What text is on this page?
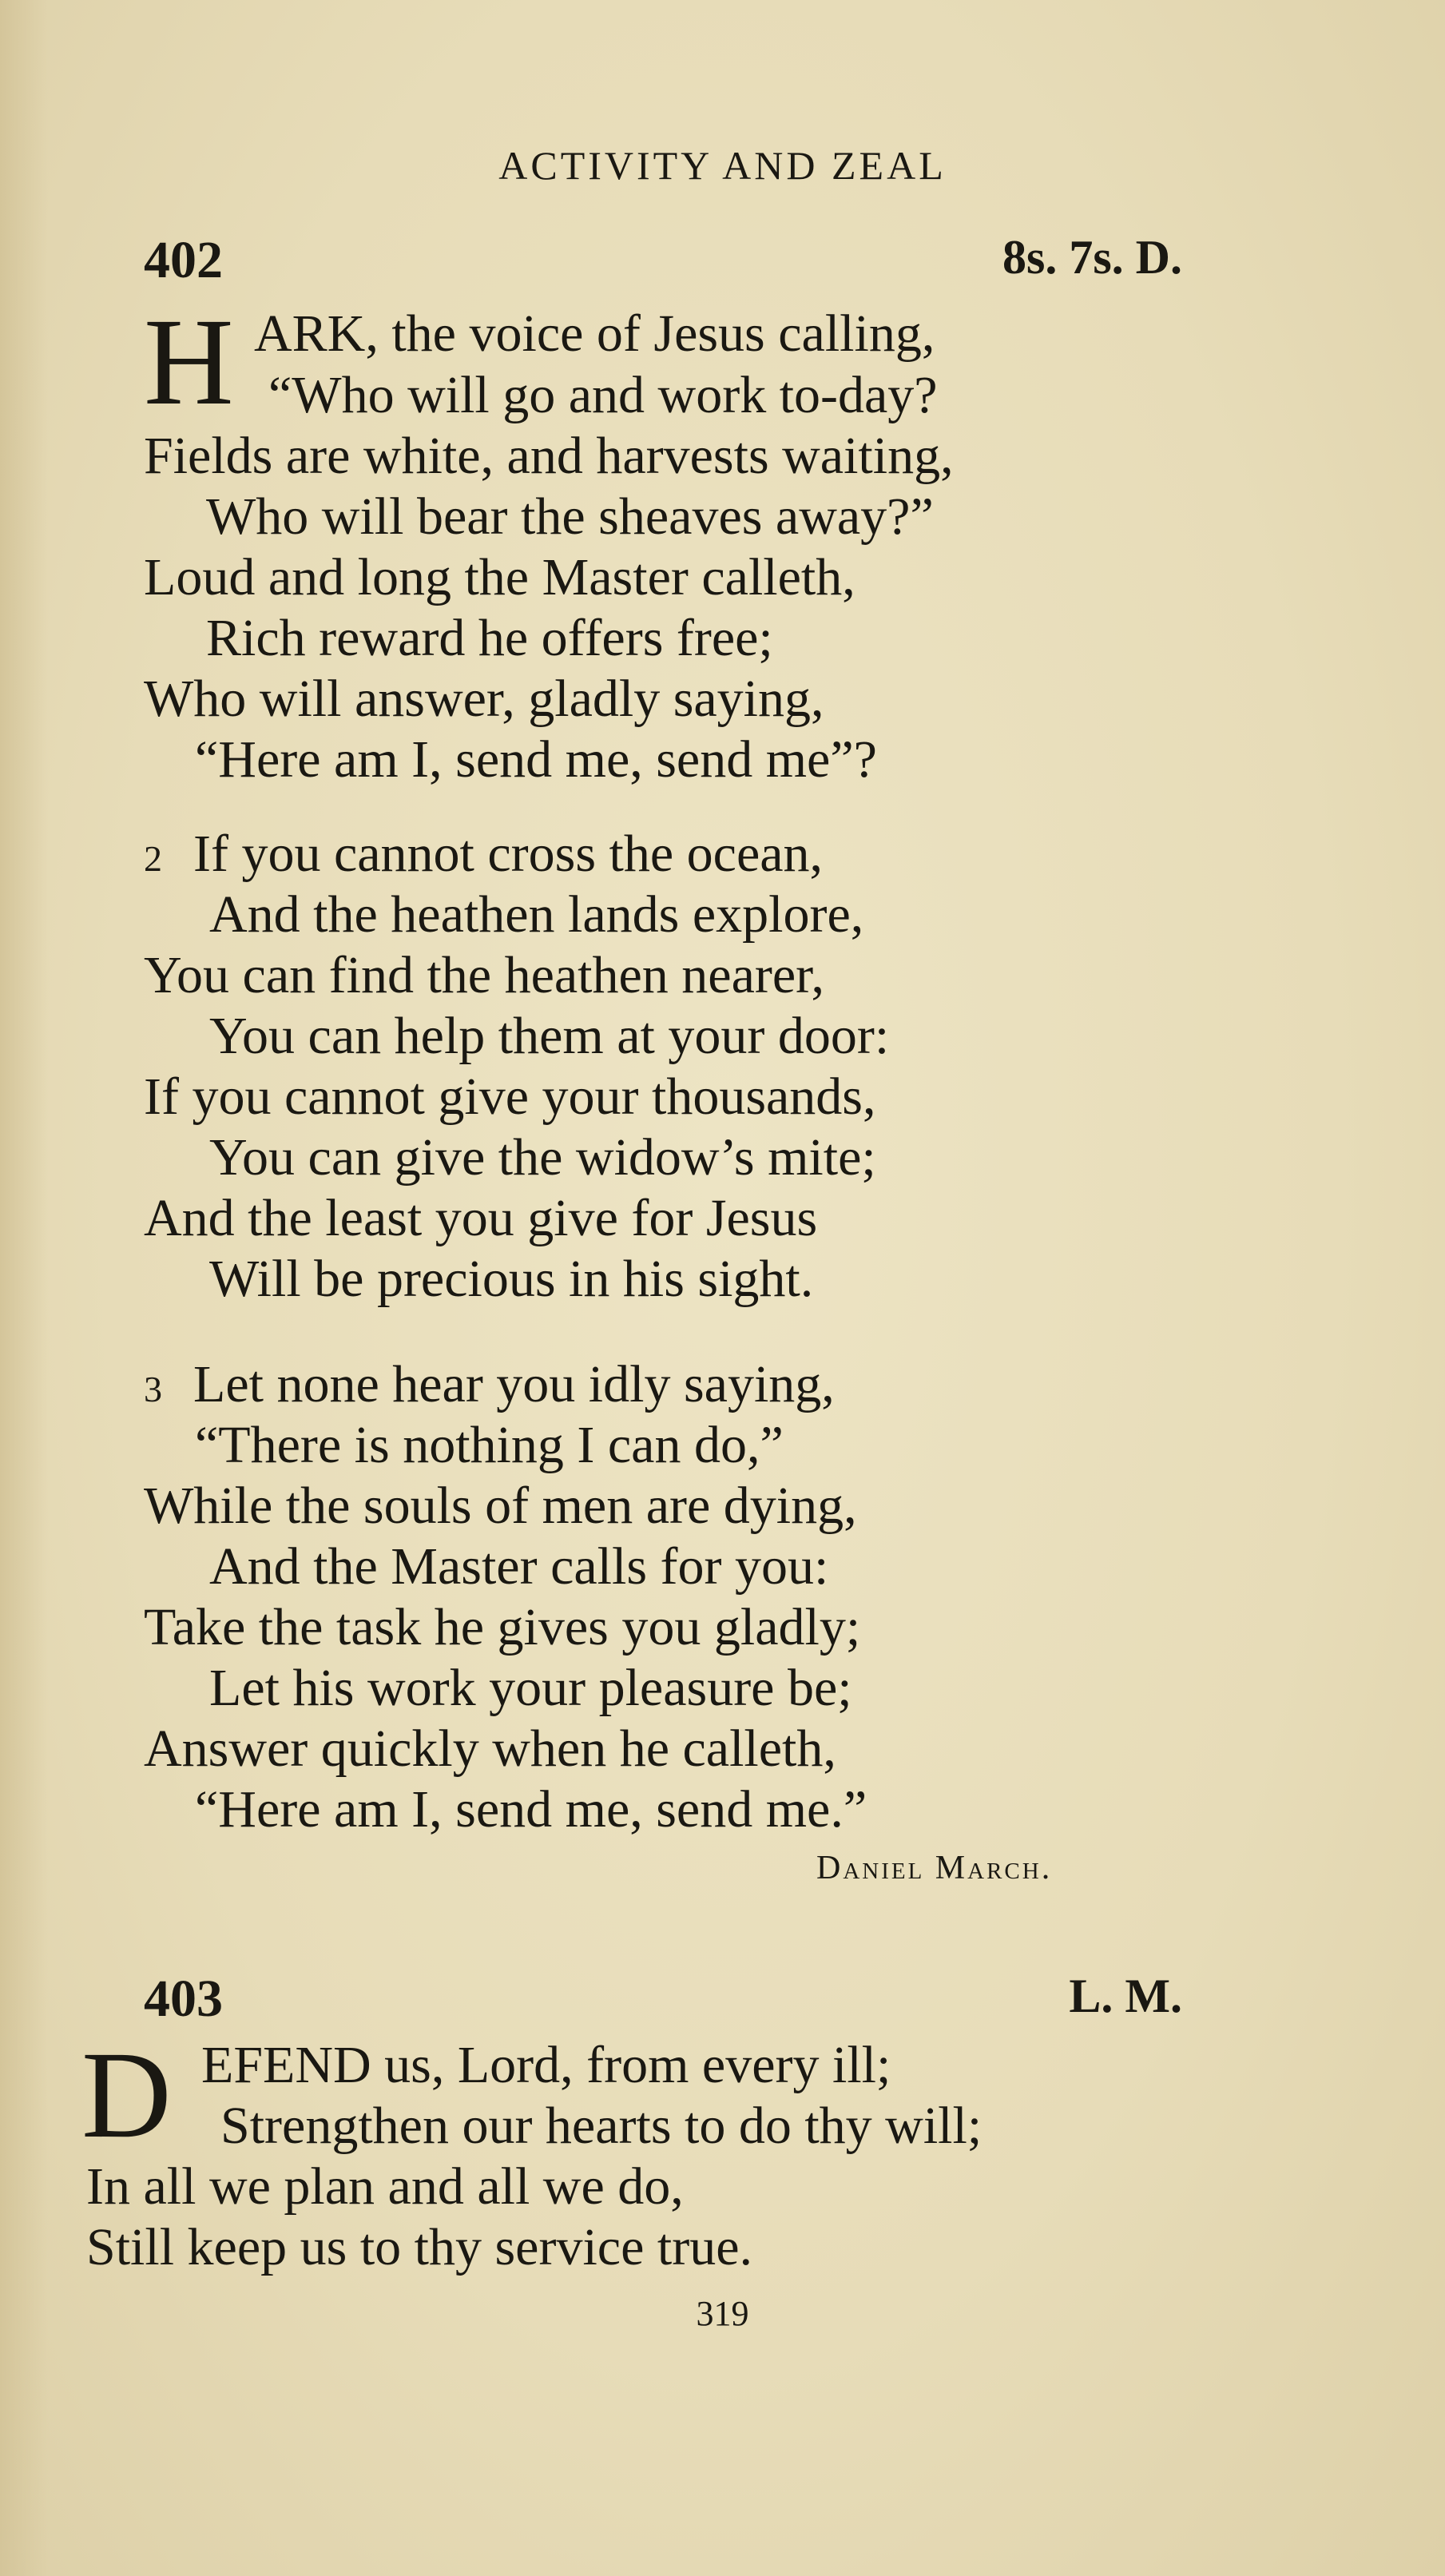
ACTIVITY AND ZEAL
402	8s. 7s. D.
H ARK, the voice of Jesus calling,
“Who will go and work to-day?
Fields are white, and harvests waiting,
Who will bear the sheaves away?”
Loud and long the Master calleth,
Rich reward he offers free;
Who will answer, gladly saying,
“Here am I, send me, send me”?
2 If you cannot cross the ocean,
And the heathen lands explore,
You can find the heathen nearer,
You can help them at your door:
If you cannot give your thousands,
You can give the widow’s mite;
And the least you give for Jesus
Will be precious in his sight.
3 Let none hear you idly saying,
“There is nothing I can do,”
While the souls of men are dying,
And the Master calls for you:
Take the task he gives you gladly;
Let his work your pleasure be;
Answer quickly when he calleth,
“Here am I, send me, send me.”
Daniel March.
403	L. M.
D EFEND us, Lord, from every ill;
Strengthen our hearts to do thy will;
In all we plan and all we do,
Still keep us to thy service true.
319
